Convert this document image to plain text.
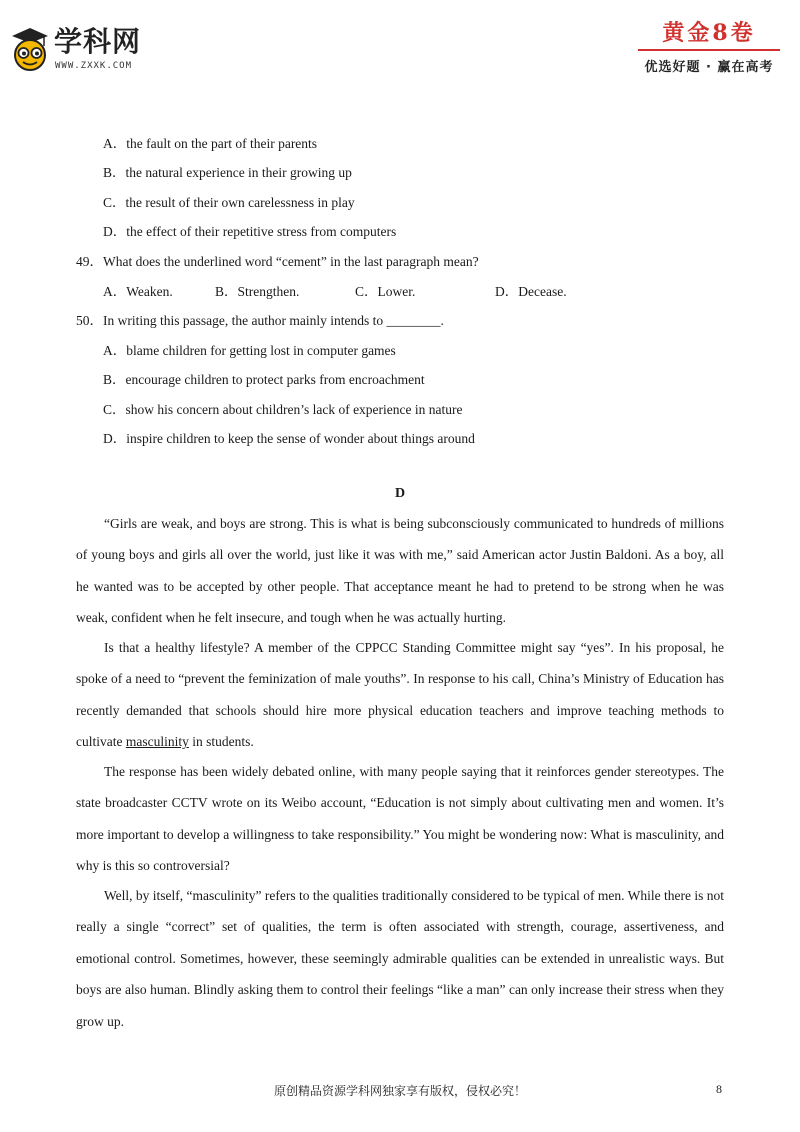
学科网
WWW.ZXXK.COM
黄金8卷
优选好题 · 赢在高考
A．the fault on the part of their parents
B．the natural experience in their growing up
C．the result of their own carelessness in play
D．the effect of their repetitive stress from computers
49．What does the underlined word “cement” in the last paragraph mean?
A．Weaken.	B．Strengthen.	C．Lower.	D．Decease.
50．In writing this passage, the author mainly intends to ________.
A．blame children for getting lost in computer games
B．encourage children to protect parks from encroachment
C．show his concern about children’s lack of experience in nature
D．inspire children to keep the sense of wonder about things around
D
“Girls are weak, and boys are strong. This is what is being subconsciously communicated to hundreds of millions of young boys and girls all over the world, just like it was with me,” said American actor Justin Baldoni. As a boy, all he wanted was to be accepted by other people. That acceptance meant he had to pretend to be strong when he was weak, confident when he felt insecure, and tough when he was actually hurting.
Is that a healthy lifestyle? A member of the CPPCC Standing Committee might say “yes”. In his proposal, he spoke of a need to “prevent the feminization of male youths”. In response to his call, China’s Ministry of Education has recently demanded that schools should hire more physical education teachers and improve teaching methods to cultivate masculinity in students.
The response has been widely debated online, with many people saying that it reinforces gender stereotypes. The state broadcaster CCTV wrote on its Weibo account, “Education is not simply about cultivating men and women. It’s more important to develop a willingness to take responsibility.” You might be wondering now: What is masculinity, and why is this so controversial?
Well, by itself, “masculinity” refers to the qualities traditionally considered to be typical of men. While there is not really a single “correct” set of qualities, the term is often associated with strength, courage, assertiveness, and emotional control. Sometimes, however, these seemingly admirable qualities can be extended in unrealistic ways. But boys are also human. Blindly asking them to control their feelings “like a man” can only increase their stress when they grow up.
原创精品资源学科网独家享有版权，侵权必究！	8
